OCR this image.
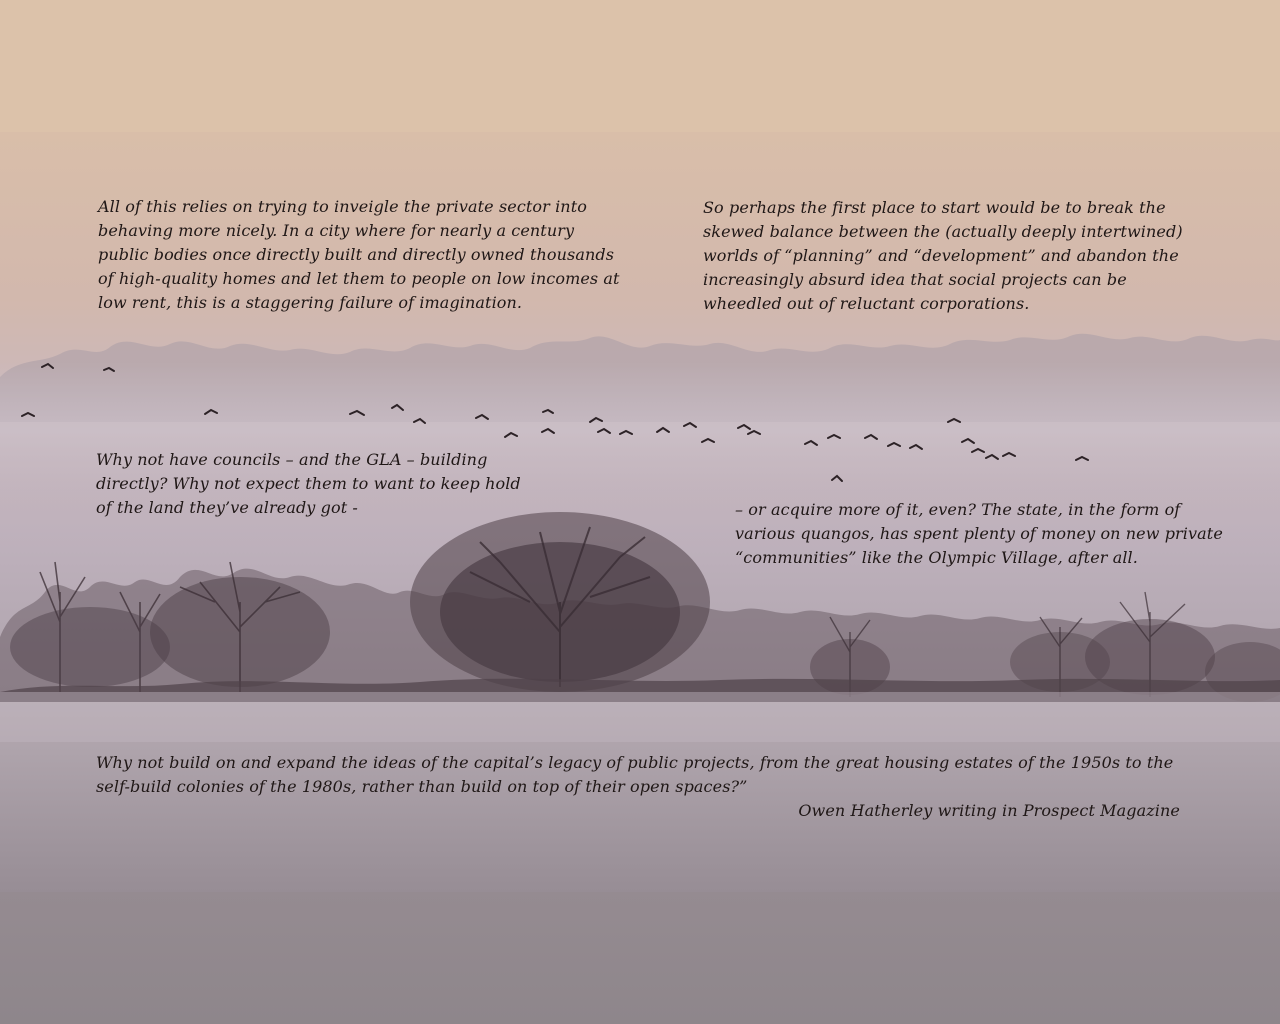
All of this relies on trying to inveigle the private sector into behaving more nicely. In a city where for nearly a century public bodies once directly built and directly owned thousands of high-quality homes and let them to people on low incomes at low rent, this is a staggering failure of imagination.

So perhaps the first place to start would be to break the skewed balance between the (actually deeply intertwined) worlds of “planning” and “development” and abandon the increasingly absurd idea that social projects can be wheedled out of reluctant corporations.

Why not have councils – and the GLA – building directly? Why not expect them to want to keep hold of the land they’ve already got -	– or acquire more of it, even? The state, in the form of various quangos, has spent plenty of money on new private “communities” like the Olympic Village, after all.

Why not build on and expand the ideas of the capital’s legacy of public projects, from the great housing estates of the 1950s to the self-build colonies of the 1980s, rather than build on top of their open spaces?”

Owen Hatherley writing in Prospect Magazine
